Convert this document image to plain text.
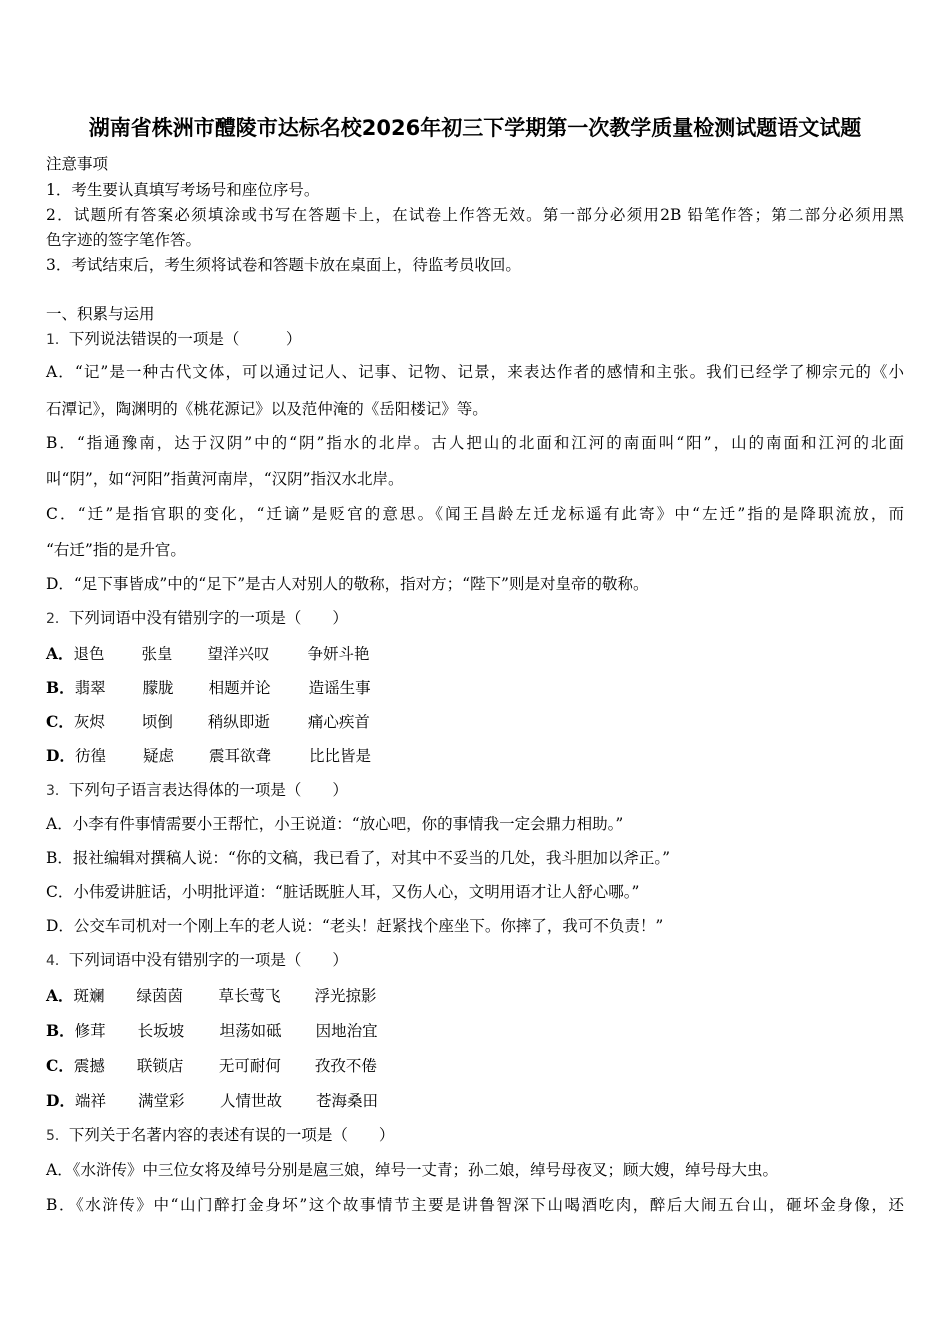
湖南省株洲市醴陵市达标名校2026年初三下学期第一次教学质量检测试题语文试题
注意事项
1．考生要认真填写考场号和座位序号。
2．试题所有答案必须填涂或书写在答题卡上，在试卷上作答无效。第一部分必须用2B 铅笔作答；第二部分必须用黑
色字迹的签字笔作答。
3．考试结束后，考生须将试卷和答题卡放在桌面上，待监考员收回。
一、积累与运用
1．下列说法错误的一项是（　　　）
A．“记”是一种古代文体，可以通过记人、记事、记物、记景，来表达作者的感情和主张。我们已经学了柳宗元的《小
石潭记》，陶渊明的《桃花源记》以及范仲淹的《岳阳楼记》等。
B．“指通豫南，达于汉阴”中的“阴”指水的北岸。古人把山的北面和江河的南面叫“阳”，山的南面和江河的北面
叫“阴”，如“河阳”指黄河南岸，“汉阴”指汉水北岸。
C．“迁”是指官职的变化，“迁谪”是贬官的意思。《闻王昌龄左迁龙标遥有此寄》中“左迁”指的是降职流放，而
“右迁”指的是升官。
D．“足下事皆成”中的“足下”是古人对别人的敬称，指对方；“陛下”则是对皇帝的敬称。
2．下列词语中没有错别字的一项是（　　）
A．退色 张皇 望洋兴叹 争妍斗艳
B．翡翠 朦胧 相题并论 造谣生事
C．灰烬 顷倒 稍纵即逝 痛心疾首
D．彷徨 疑虑 震耳欲聋 比比皆是
3．下列句子语言表达得体的一项是（　　）
A．小李有件事情需要小王帮忙，小王说道：“放心吧，你的事情我一定会鼎力相助。”
B．报社编辑对撰稿人说：“你的文稿，我已看了，对其中不妥当的几处，我斗胆加以斧正。”
C．小伟爱讲脏话，小明批评道：“脏话既脏人耳，又伤人心，文明用语才让人舒心哪。”
D．公交车司机对一个刚上车的老人说：“老头！赶紧找个座坐下。你摔了，我可不负责！”
4．下列词语中没有错别字的一项是（　　）
A．斑斓 绿茵茵 草长莺飞 浮光掠影
B．修茸 长坂坡 坦荡如砥 因地治宜
C．震撼 联锁店 无可耐何 孜孜不倦
D．端祥 满堂彩 人情世故 苍海桑田
5．下列关于名著内容的表述有误的一项是（　　）
A．《水浒传》中三位女将及绰号分别是扈三娘，绰号一丈青；孙二娘，绰号母夜叉；顾大嫂，绰号母大虫。
B．《水浒传》中“山门醉打金身坏”这个故事情节主要是讲鲁智深下山喝酒吃肉，醉后大闹五台山，砸坏金身像，还
